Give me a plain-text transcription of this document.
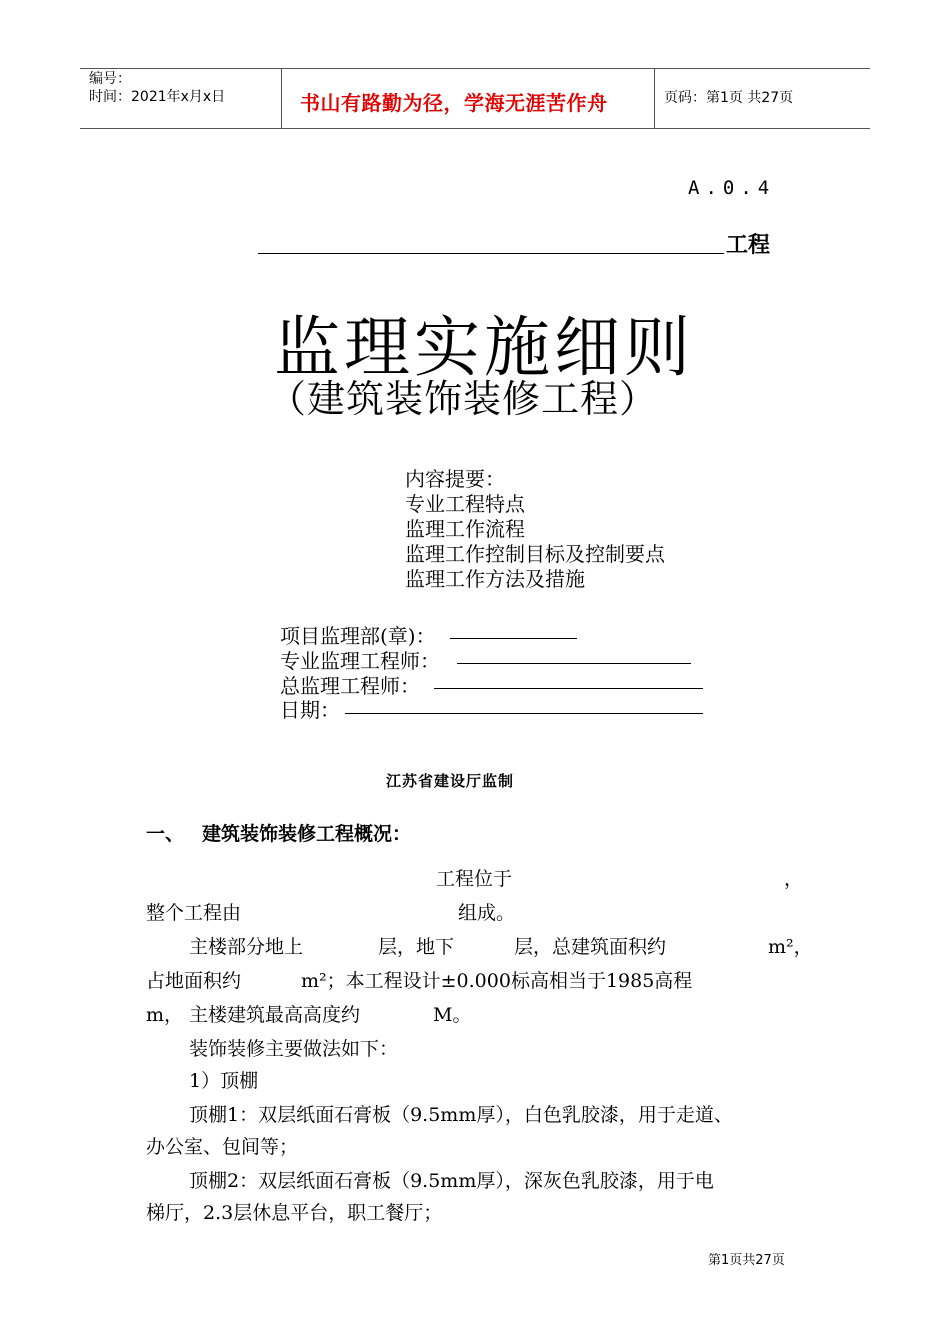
编号：
时间：2021年x月x日	书山有路勤为径，学海无涯苦作舟	页码：第1页 共27页
A.0.4
工程
监理实施细则
（建筑装饰装修工程）
内容提要：
专业工程特点
监理工作流程
监理工作控制目标及控制要点
监理工作方法及措施
项目监理部(章)：
专业监理工程师：
总监理工程师：
日期：
江苏省建设厅监制
一、 建筑装饰装修工程概况：
工程位于	，
整个工程由	组成。
主楼部分地上	层，地下	层，总建筑面积约	m²，
占地面积约	m²；本工程设计±0.000标高相当于1985高程
m， 主楼建筑最高高度约	M。
装饰装修主要做法如下：
1）顶棚
顶棚1：双层纸面石膏板（9.5mm厚），白色乳胶漆，用于走道、
办公室、包间等；
顶棚2：双层纸面石膏板（9.5mm厚），深灰色乳胶漆，用于电
梯厅，2.3层休息平台，职工餐厅；
第1页共27页
